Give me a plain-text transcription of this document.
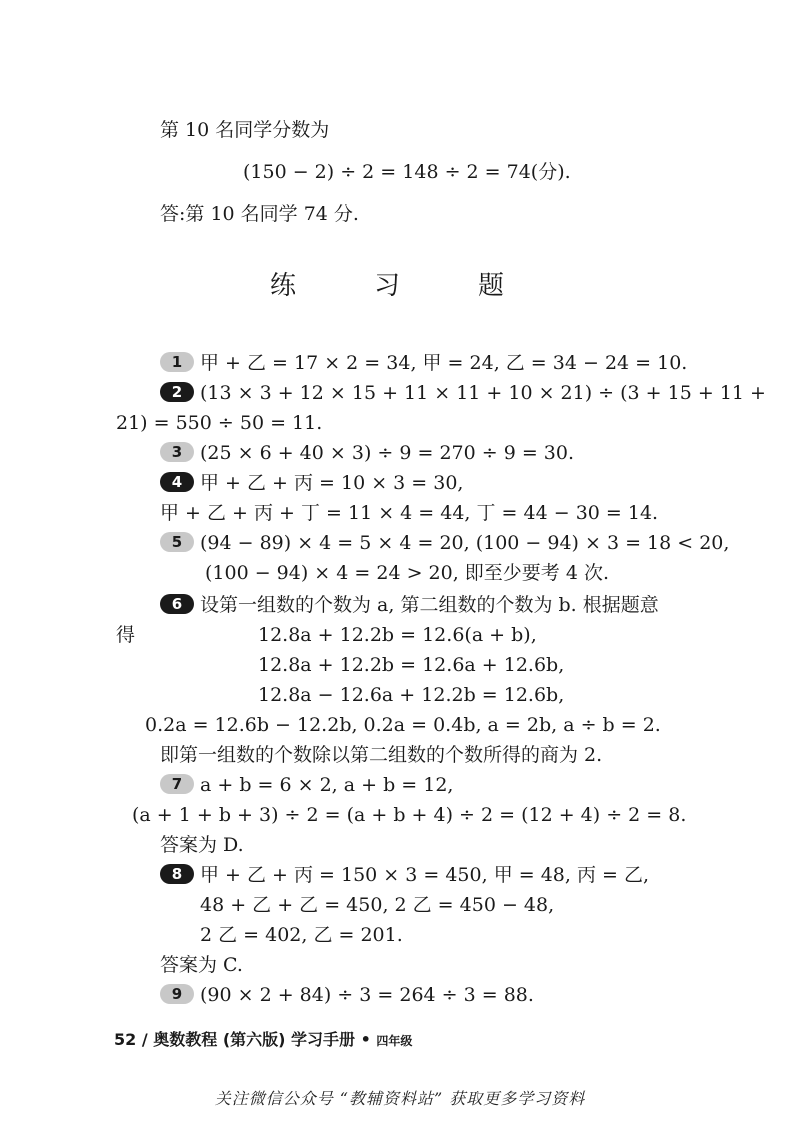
第 10 名同学分数为
(150 − 2) ÷ 2 = 148 ÷ 2 = 74(分).
答:第 10 名同学 74 分.
练　习　题
1 甲 + 乙 = 17 × 2 = 34, 甲 = 24, 乙 = 34 − 24 = 10.
2 (13 × 3 + 12 × 15 + 11 × 11 + 10 × 21) ÷ (3 + 15 + 11 +
21) = 550 ÷ 50 = 11.
3 (25 × 6 + 40 × 3) ÷ 9 = 270 ÷ 9 = 30.
4 甲 + 乙 + 丙 = 10 × 3 = 30,
甲 + 乙 + 丙 + 丁 = 11 × 4 = 44, 丁 = 44 − 30 = 14.
5 (94 − 89) × 4 = 5 × 4 = 20, (100 − 94) × 3 = 18 < 20,
(100 − 94) × 4 = 24 > 20, 即至少要考 4 次.
6 设第一组数的个数为 a, 第二组数的个数为 b. 根据题意
得	12.8a + 12.2b = 12.6(a + b),
12.8a + 12.2b = 12.6a + 12.6b,
12.8a − 12.6a + 12.2b = 12.6b,
0.2a = 12.6b − 12.2b, 0.2a = 0.4b, a = 2b, a ÷ b = 2.
即第一组数的个数除以第二组数的个数所得的商为 2.
7 a + b = 6 × 2, a + b = 12,
(a + 1 + b + 3) ÷ 2 = (a + b + 4) ÷ 2 = (12 + 4) ÷ 2 = 8.
答案为 D.
8 甲 + 乙 + 丙 = 150 × 3 = 450, 甲 = 48, 丙 = 乙,
48 + 乙 + 乙 = 450, 2 乙 = 450 − 48,
2 乙 = 402, 乙 = 201.
答案为 C.
9 (90 × 2 + 84) ÷ 3 = 264 ÷ 3 = 88.
52 / 奥数教程 (第六版) 学习手册 • 四年级
关注微信公众号 “教辅资料站” 获取更多学习资料
